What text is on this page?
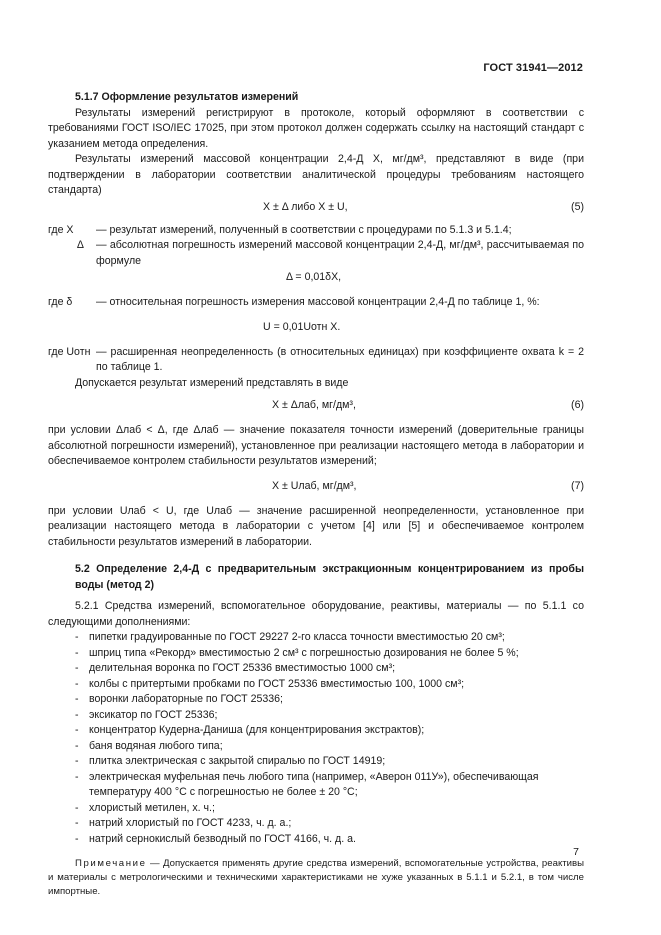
ГОСТ 31941—2012

5.1.7 Оформление результатов измерений

Результаты измерений регистрируют в протоколе, который оформляют в соответствии с требованиями ГОСТ ISO/IEC 17025, при этом протокол должен содержать ссылку на настоящий стандарт с указанием метода определения.

Результаты измерений массовой концентрации 2,4-Д X, мг/дм³, представляют в виде (при подтверждении в лаборатории соответствии аналитической процедуры требованиям настоящего стандарта)

X ± Δ либо X ± U,	(5)
где X	— результат измерений, полученный в соответствии с процедурами по 5.1.3 и 5.1.4;
Δ	— абсолютная погрешность измерений массовой концентрации 2,4-Д, мг/дм³, рассчитываемая по формуле
Δ = 0,01δX,
где δ	— относительная погрешность измерения массовой концентрации 2,4-Д по таблице 1, %:
U = 0,01Uотн X.
где Uотн — расширенная неопределенность (в относительных единицах) при коэффициенте охвата k = 2 по таблице 1.

Допускается результат измерений представлять в виде

X ± Δлаб, мг/дм³,	(6)

при условии Δлаб < Δ, где Δлаб — значение показателя точности измерений (доверительные границы абсолютной погрешности измерений), установленное при реализации настоящего метода в лаборатории и обеспечиваемое контролем стабильности результатов измерений;

X ± Uлаб, мг/дм³,	(7)

при условии Uлаб < U, где Uлаб — значение расширенной неопределенности, установленное при реализации настоящего метода в лаборатории с учетом [4] или [5] и обеспечиваемое контролем стабильности результатов измерений в лаборатории.

5.2 Определение 2,4-Д с предварительным экстракционным концентрированием из пробы воды (метод 2)

5.2.1 Средства измерений, вспомогательное оборудование, реактивы, материалы — по 5.1.1 со следующими дополнениями:

- пипетки градуированные по ГОСТ 29227 2-го класса точности вместимостью 20 см³;
- шприц типа «Рекорд» вместимостью 2 см³ с погрешностью дозирования не более 5 %;
- делительная воронка по ГОСТ 25336 вместимостью 1000 см³;
- колбы с притертыми пробками по ГОСТ 25336 вместимостью 100, 1000 см³;
- воронки лабораторные по ГОСТ 25336;
- эксикатор по ГОСТ 25336;
- концентратор Кудерна-Даниша (для концентрирования экстрактов);
- баня водяная любого типа;
- плитка электрическая с закрытой спиралью по ГОСТ 14919;
- электрическая муфельная печь любого типа (например, «Аверон 011У»), обеспечивающая температуру 400 °С с погрешностью не более ± 20 °С;
- хлористый метилен, х. ч.;
- натрий хлористый по ГОСТ 4233, ч. д. а.;
- натрий сернокислый безводный по ГОСТ 4166, ч. д. а.

Примечание — Допускается применять другие средства измерений, вспомогательные устройства, реактивы и материалы с метрологическими и техническими характеристиками не хуже указанных в 5.1.1 и 5.2.1, в том числе импортные.

7
